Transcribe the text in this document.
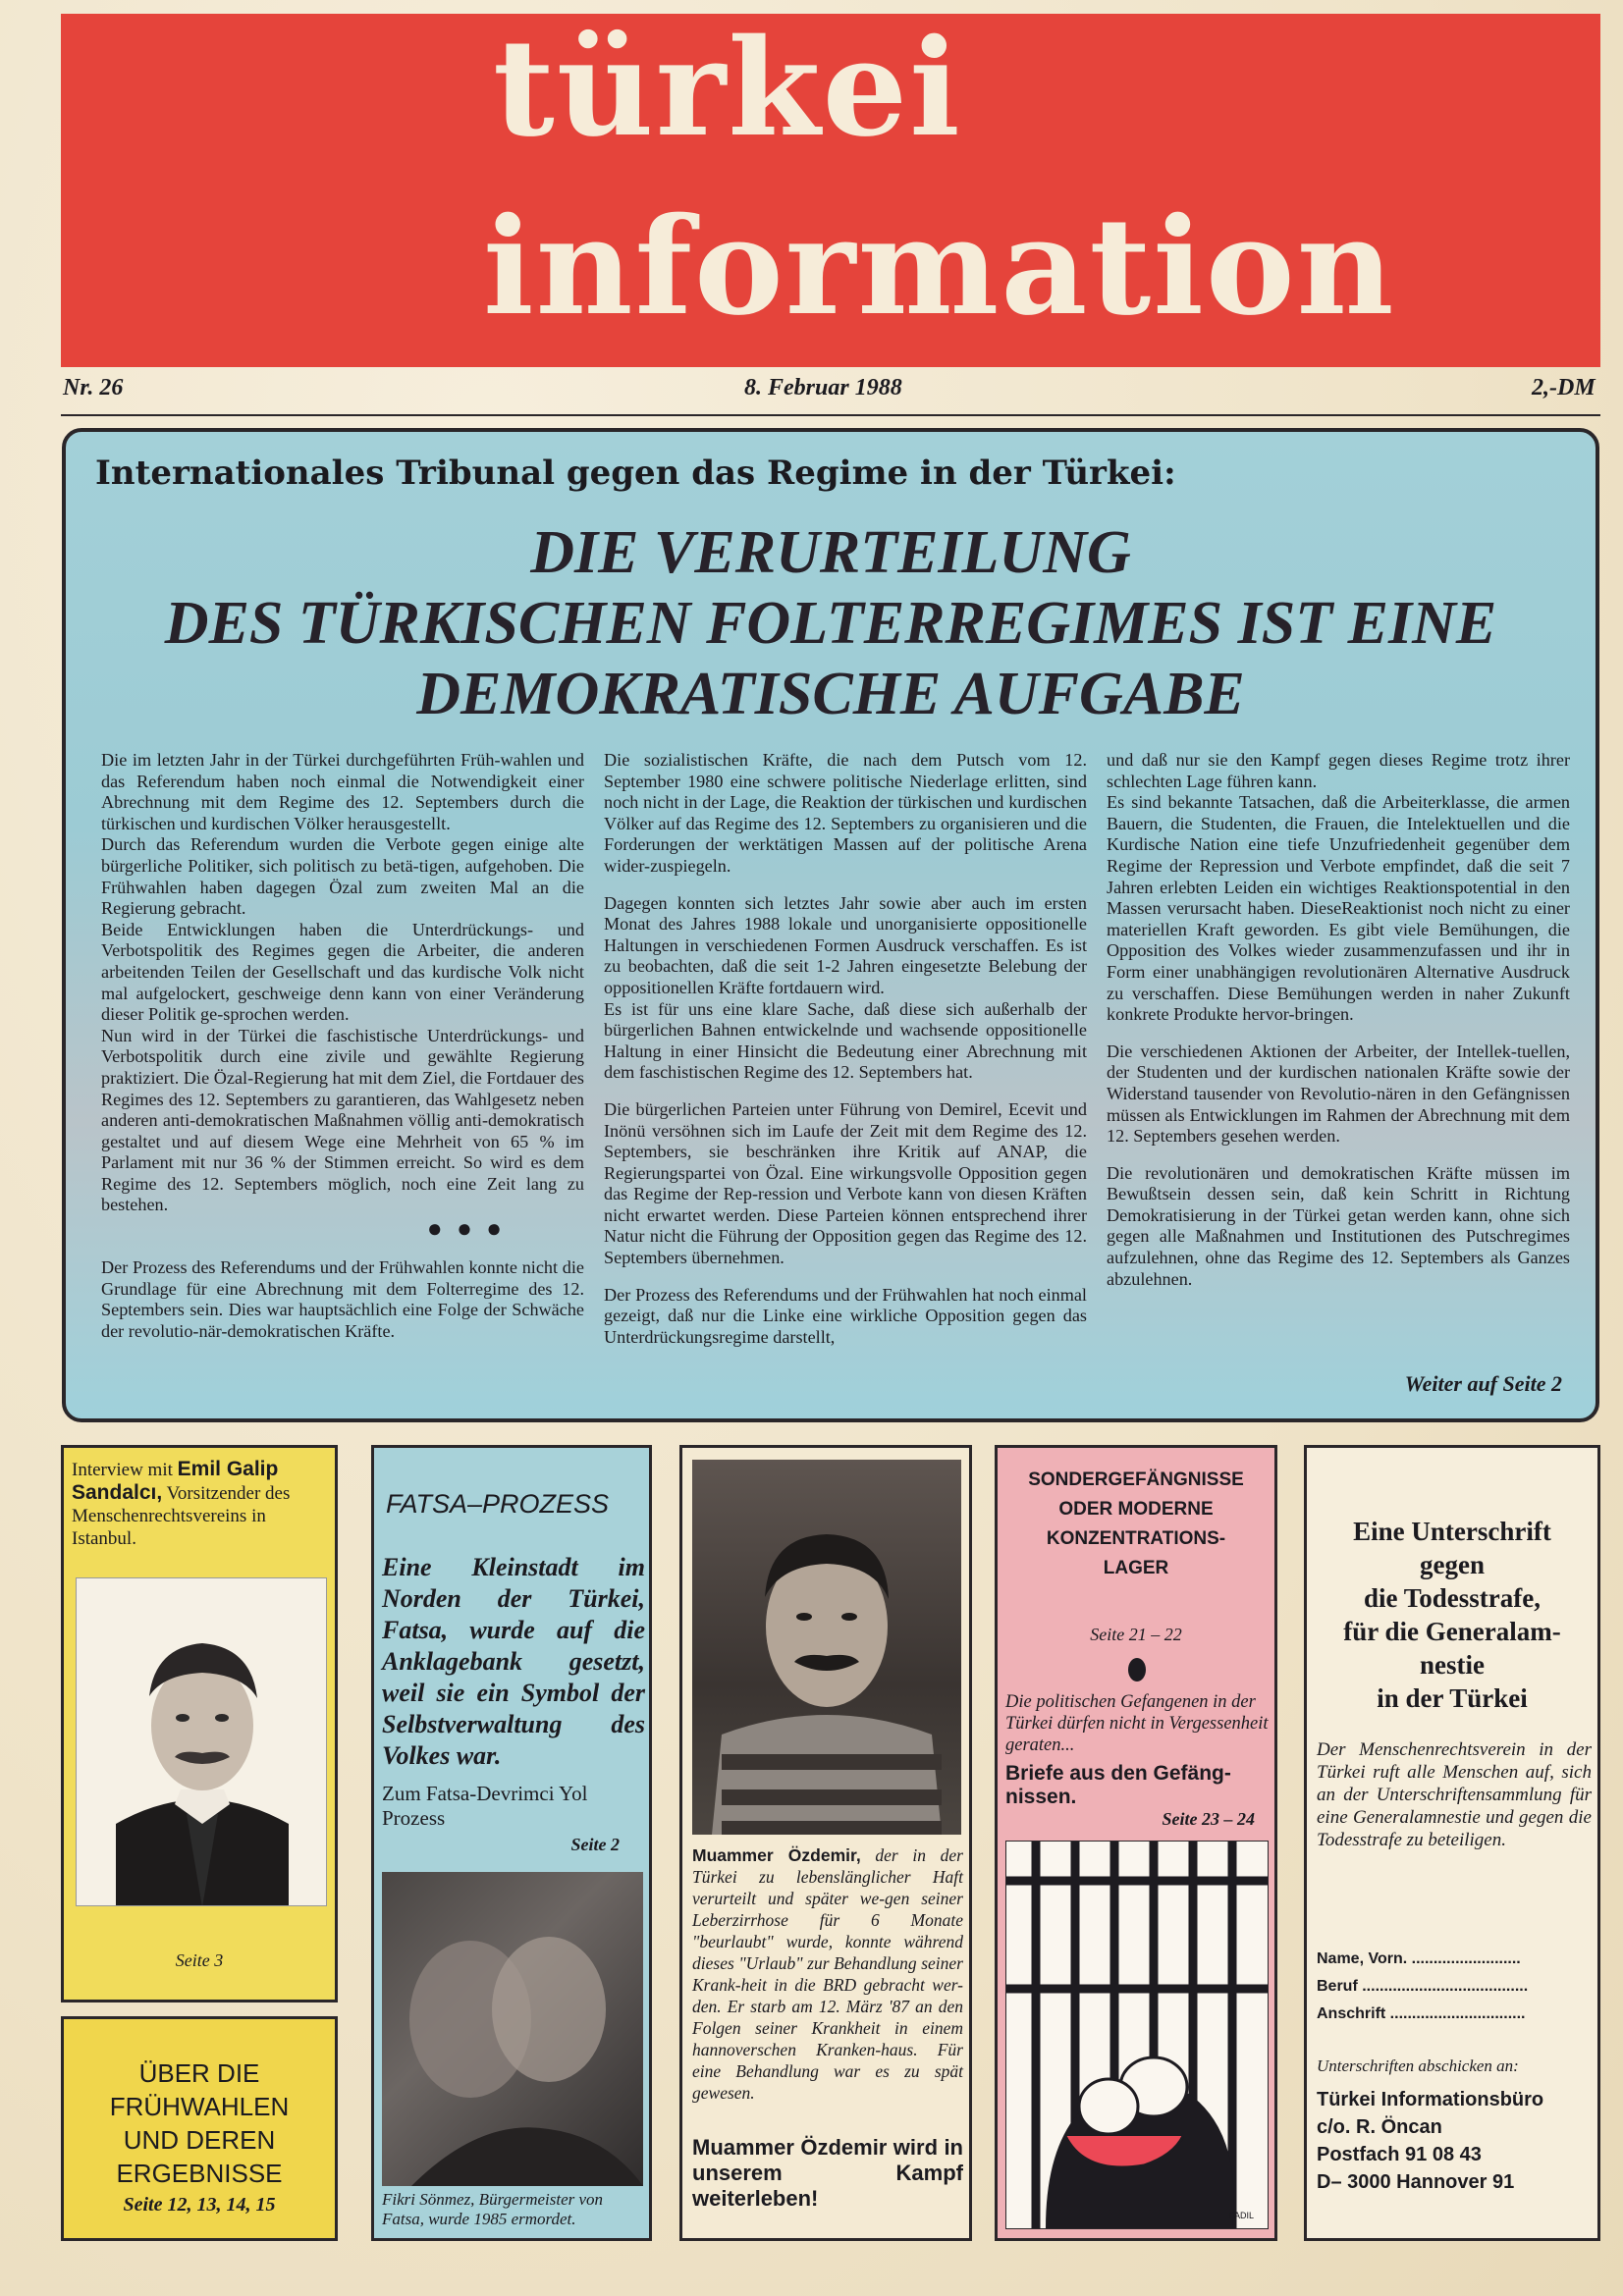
türkei
information
Nr. 26	8. Februar 1988	2,-DM
Internationales Tribunal gegen das Regime in der Türkei:
DIE VERURTEILUNG
DES TÜRKISCHEN FOLTERREGIMES IST EINE
DEMOKRATISCHE AUFGABE

Die im letzten Jahr in der Türkei durchgeführten Früh-wahlen und das Referendum haben noch einmal die Notwendigkeit einer Abrechnung mit dem Regime des 12. Septembers durch die türkischen und kurdischen Völker herausgestellt.

Durch das Referendum wurden die Verbote gegen einige alte bürgerliche Politiker, sich politisch zu betä-tigen, aufgehoben. Die Frühwahlen haben dagegen Özal zum zweiten Mal an die Regierung gebracht.

Beide Entwicklungen haben die Unterdrückungs- und Verbotspolitik des Regimes gegen die Arbeiter, die anderen arbeitenden Teilen der Gesellschaft und das kurdische Volk nicht mal aufgelockert, geschweige denn kann von einer Veränderung dieser Politik ge-sprochen werden.

Nun wird in der Türkei die faschistische Unterdrückungs- und Verbotspolitik durch eine zivile und gewählte Regierung praktiziert. Die Özal-Regierung hat mit dem Ziel, die Fortdauer des Regimes des 12. Septembers zu garantieren, das Wahlgesetz neben anderen anti-demokratischen Maßnahmen völlig anti-demokratisch gestaltet und auf diesem Wege eine Mehrheit von 65 % im Parlament mit nur 36 % der Stimmen erreicht. So wird es dem Regime des 12. Septembers möglich, noch eine Zeit lang zu bestehen.

● ● ●

Der Prozess des Referendums und der Frühwahlen konnte nicht die Grundlage für eine Abrechnung mit dem Folterregime des 12. Septembers sein. Dies war hauptsächlich eine Folge der Schwäche der revolutio-när-demokratischen Kräfte.

Die sozialistischen Kräfte, die nach dem Putsch vom 12. September 1980 eine schwere politische Niederlage erlitten, sind noch nicht in der Lage, die Reaktion der türkischen und kurdischen Völker auf das Regime des 12. Septembers zu organisieren und die Forderungen der werktätigen Massen auf der politische Arena wider-zuspiegeln.

Dagegen konnten sich letztes Jahr sowie aber auch im ersten Monat des Jahres 1988 lokale und unorganisierte oppositionelle Haltungen in verschiedenen Formen Ausdruck verschaffen. Es ist zu beobachten, daß die seit 1-2 Jahren eingesetzte Belebung der oppositionellen Kräfte fortdauern wird.

Es ist für uns eine klare Sache, daß diese sich außerhalb der bürgerlichen Bahnen entwickelnde und wachsende oppositionelle Haltung in einer Hinsicht die Bedeutung einer Abrechnung mit dem faschistischen Regime des 12. Septembers hat.

Die bürgerlichen Parteien unter Führung von Demirel, Ecevit und Inönü versöhnen sich im Laufe der Zeit mit dem Regime des 12. Septembers, sie beschränken ihre Kritik auf ANAP, die Regierungspartei von Özal. Eine wirkungsvolle Opposition gegen das Regime der Rep-ression und Verbote kann von diesen Kräften nicht erwartet werden. Diese Parteien können entsprechend ihrer Natur nicht die Führung der Opposition gegen das Regime des 12. Septembers übernehmen.

Der Prozess des Referendums und der Frühwahlen hat noch einmal gezeigt, daß nur die Linke eine wirkliche Opposition gegen das Unterdrückungsregime darstellt,

und daß nur sie den Kampf gegen dieses Regime trotz ihrer schlechten Lage führen kann.

Es sind bekannte Tatsachen, daß die Arbeiterklasse, die armen Bauern, die Studenten, die Frauen, die Intelektuellen und die Kurdische Nation eine tiefe Unzufriedenheit gegenüber dem Regime der Repression und Verbote empfindet, daß die seit 7 Jahren erlebten Leiden ein wichtiges Reaktionspotential in den Massen verursacht haben. DieseReaktionist noch nicht zu einer materiellen Kraft geworden. Es gibt viele Bemühungen, die Opposition des Volkes wieder zusammenzufassen und ihr in Form einer unabhängigen revolutionären Alternative Ausdruck zu verschaffen. Diese Bemühungen werden in naher Zukunft konkrete Produkte hervor-bringen.

Die verschiedenen Aktionen der Arbeiter, der Intellek-tuellen, der Studenten und der kurdischen nationalen Kräfte sowie der Widerstand tausender von Revolutio-nären in den Gefängnissen müssen als Entwicklungen im Rahmen der Abrechnung mit dem 12. Septembers gesehen werden.

Die revolutionären und demokratischen Kräfte müssen im Bewußtsein dessen sein, daß kein Schritt in Richtung Demokratisierung in der Türkei getan werden kann, ohne sich gegen alle Maßnahmen und Institutionen des Putschregimes aufzulehnen, ohne das Regime des 12. Septembers als Ganzes abzulehnen.

Weiter auf Seite 2
Interview mit Emil Galip Sandalcı, Vorsitzender des Menschenrechtsvereins in Istanbul.
Seite 3
ÜBER DIE
FRÜHWAHLEN
UND DEREN
ERGEBNISSE
Seite 12, 13, 14, 15
FATSA–PROZESS
Eine Kleinstadt im Norden der Türkei, Fatsa, wurde auf die Anklagebank gesetzt, weil sie ein Symbol der Selbstverwaltung des Volkes war.
Zum Fatsa-Devrimci Yol Prozess
Seite 2
Fikri Sönmez, Bürgermeister von Fatsa, wurde 1985 ermordet.
Muammer Özdemir, der in der Türkei zu lebenslänglicher Haft verurteilt und später we-gen seiner Leberzirrhose für 6 Monate "beurlaubt" wurde, konnte während dieses "Urlaub" zur Behandlung seiner Krank-heit in die BRD gebracht wer-den. Er starb am 12. März '87 an den Folgen seiner Krankheit in einem hannoverschen Kranken-haus. Für eine Behandlung war es zu spät gewesen.
Muammer Özdemir wird in unserem Kampf weiterleben!
SONDERGEFÄNGNISSE
ODER MODERNE
KONZENTRATIONS-
LAGER
Seite 21 – 22
Die politischen Gefangenen in der Türkei dürfen nicht in Vergessenheit geraten...
Briefe aus den Gefäng-nissen.
Seite 23 – 24
FADIL
Eine Unterschrift
gegen
die Todesstrafe,
für die Generalam-
nestie
in der Türkei
Der Menschenrechtsverein in der Türkei ruft alle Menschen auf, sich an der Unterschriftensammlung für eine Generalamnestie und gegen die Todesstrafe zu beteiligen.
Name, Vorn. .........................
Beruf ......................................
Anschrift ...............................
Unterschriften abschicken an:
Türkei Informationsbüro
c/o. R. Öncan
Postfach 91 08 43
D– 3000 Hannover 91
